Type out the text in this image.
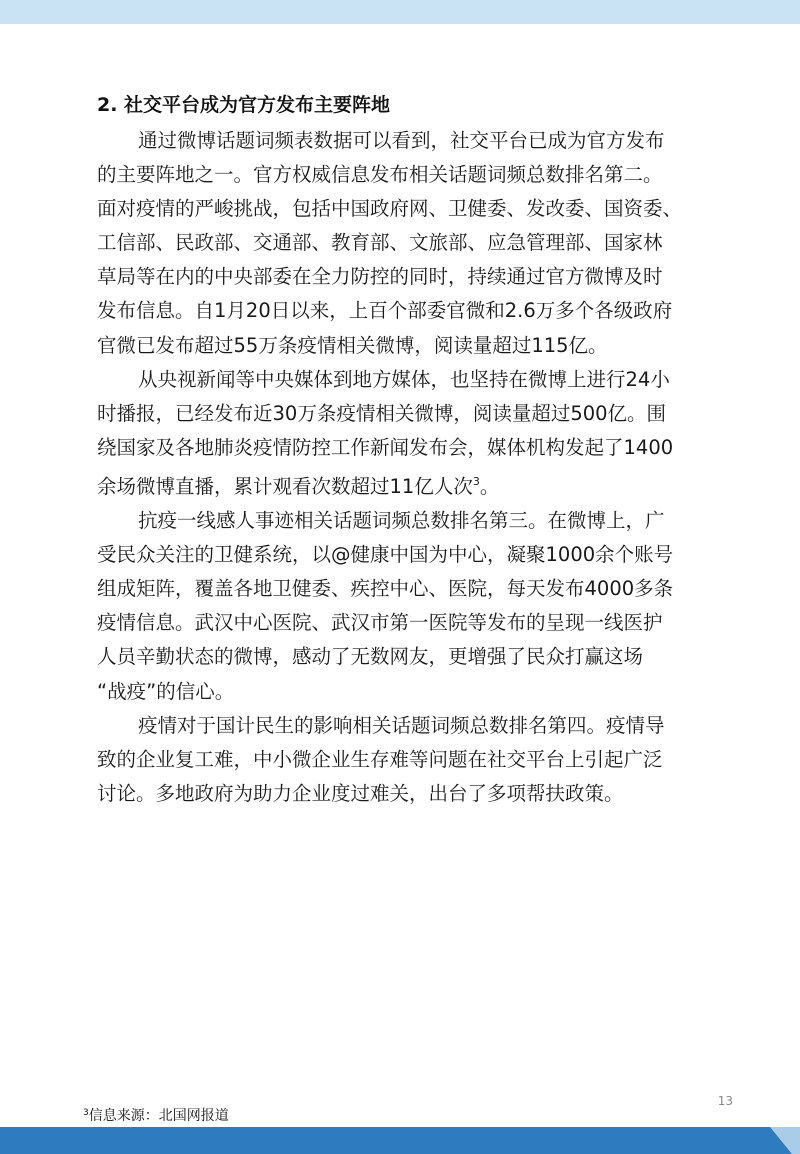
2. 社交平台成为官方发布主要阵地

通过微博话题词频表数据可以看到，社交平台已成为官方发布
的主要阵地之一。官方权威信息发布相关话题词频总数排名第二。
面对疫情的严峻挑战，包括中国政府网、卫健委、发改委、国资委、
工信部、民政部、交通部、教育部、文旅部、应急管理部、国家林
草局等在内的中央部委在全力防控的同时，持续通过官方微博及时
发布信息。自1月20日以来，上百个部委官微和2.6万多个各级政府
官微已发布超过55万条疫情相关微博，阅读量超过115亿。

从央视新闻等中央媒体到地方媒体，也坚持在微博上进行24小
时播报，已经发布近30万条疫情相关微博，阅读量超过500亿。围
绕国家及各地肺炎疫情防控工作新闻发布会，媒体机构发起了1400
余场微博直播，累计观看次数超过11亿人次$^3$。

抗疫一线感人事迹相关话题词频总数排名第三。在微博上，广
受民众关注的卫健系统，以@健康中国为中心，凝聚1000余个账号
组成矩阵，覆盖各地卫健委、疾控中心、医院，每天发布4000多条
疫情信息。武汉中心医院、武汉市第一医院等发布的呈现一线医护
人员辛勤状态的微博，感动了无数网友，更增强了民众打赢这场
“战疫”的信心。

疫情对于国计民生的影响相关话题词频总数排名第四。疫情导
致的企业复工难，中小微企业生存难等问题在社交平台上引起广泛
讨论。多地政府为助力企业度过难关，出台了多项帮扶政策。

13
$^3$信息来源：北国网报道
